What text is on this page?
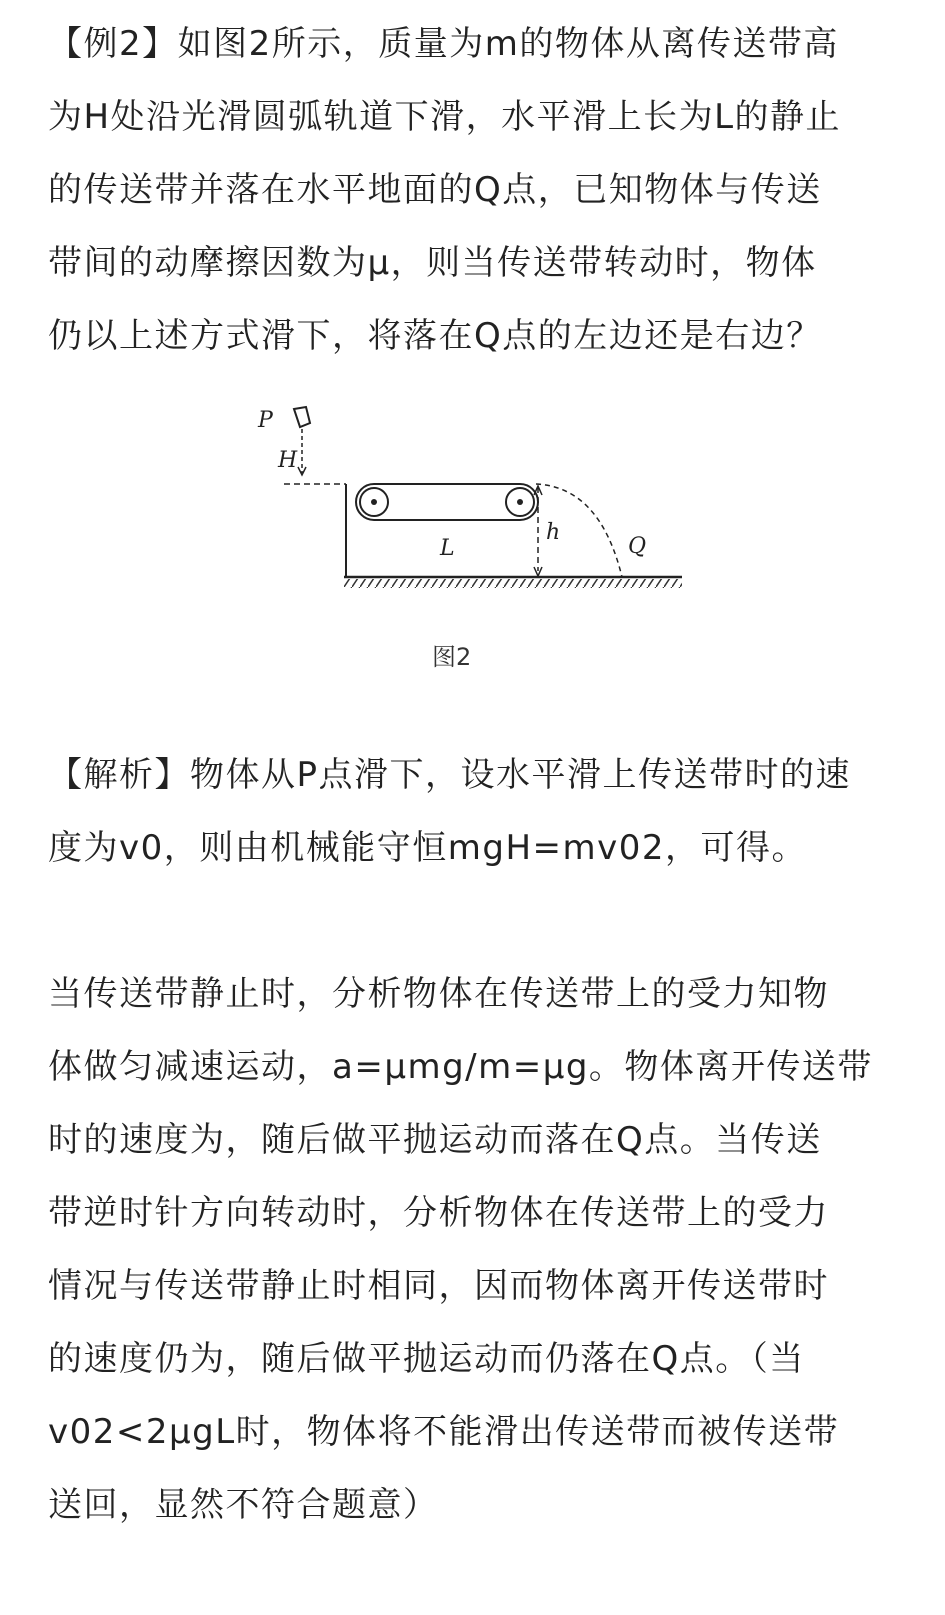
【例2】如图2所示，质量为m的物体从离传送带高
为H处沿光滑圆弧轨道下滑，水平滑上长为L的静止
的传送带并落在水平地面的Q点，已知物体与传送
带间的动摩擦因数为μ，则当传送带转动时，物体
仍以上述方式滑下，将落在Q点的左边还是右边？

P
H
L
h
Q
图2

【解析】物体从P点滑下，设水平滑上传送带时的速
度为v0，则由机械能守恒mgH=mv02，可得。

当传送带静止时，分析物体在传送带上的受力知物
体做匀减速运动，a=μmg/m=μg。物体离开传送带
时的速度为，随后做平抛运动而落在Q点。当传送
带逆时针方向转动时，分析物体在传送带上的受力
情况与传送带静止时相同，因而物体离开传送带时
的速度仍为，随后做平抛运动而仍落在Q点。（当
v02<2μgL时，物体将不能滑出传送带而被传送带
送回，显然不符合题意）
